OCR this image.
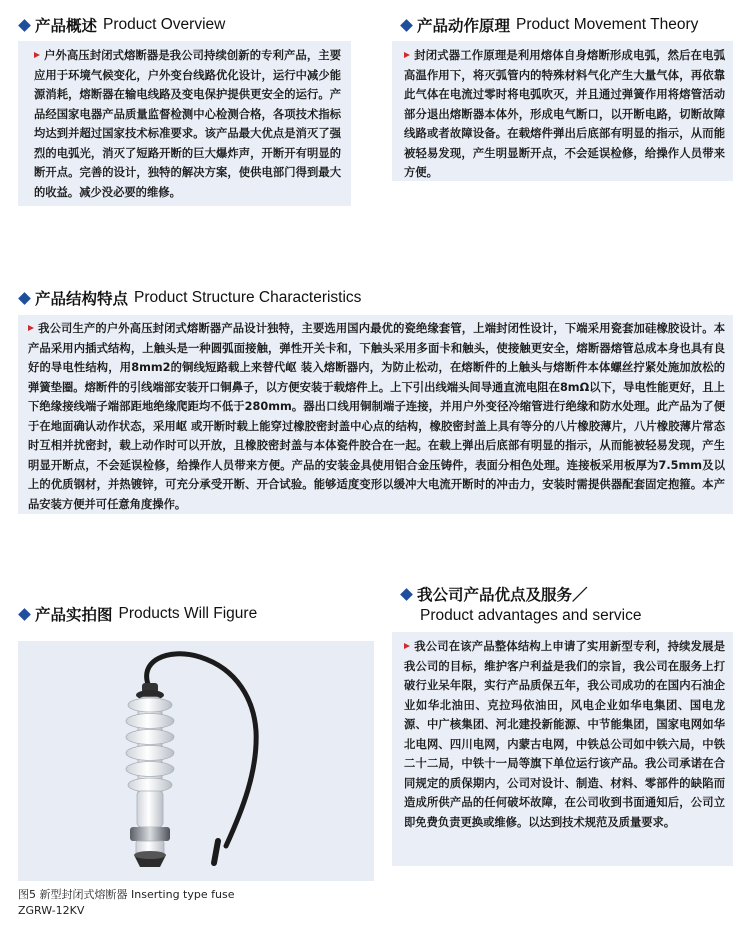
产品概述 Product Overview
户外高压封闭式熔断器是我公司持续创新的专利产品，主要应用于环境气候变化，户外变台线路优化设计，运行中减少能源消耗，熔断器在输电线路及变电保护提供更安全的运行。产品经国家电器产品质量监督检测中心检测合格，各项技术指标均达到并超过国家技术标准要求。该产品最大优点是消灭了强烈的电弧光，消灭了短路开断的巨大爆炸声，开断开有明显的断开点。完善的设计，独特的解决方案，使供电部门得到最大的收益。减少没必要的维修。
产品动作原理 Product Movement Theory
封闭式器工作原理是利用熔体自身熔断形成电弧，然后在电弧高温作用下，将灭弧管内的特殊材料气化产生大量气体，再依靠此气体在电流过零时将电弧吹灭，并且通过弹簧作用将熔管活动部分退出熔断器本体外，形成电气断口，以开断电路，切断故障线路或者故障设备。在载熔件弹出后底部有明显的指示，从而能被轻易发现，产生明显断开点，不会延误检修，给操作人员带来方便。
产品结构特点 Product Structure Characteristics
我公司生产的户外高压封闭式熔断器产品设计独特，主要选用国内最优的瓷绝缘套管，上端封闭性设计，下端采用瓷套加硅橡胶设计。本产品采用内插式结构，上触头是一种圆弧面接触，弹性开关卡和，下触头采用多面卡和触头，使接触更安全，熔断器熔管总成本身也具有良好的导电性结构，用8mm2的铜线短路载上来替代岖 装入熔断器内，为防止松动，在熔断件的上触头与熔断件本体螺丝拧紧处施加放松的弹簧垫圈。熔断件的引线端部安装开口铜鼻子，以方便安装于载熔件上。上下引出线端头间导通直流电阻在8mΩ以下，导电性能更好，且上下绝缘接线端子端部距地绝缘爬距均不低于280mm。器出口线用铜制端子连接，并用户外变径冷缩管进行绝缘和防水处理。此产品为了便于在地面确认动作状态，采用岖 或开断时载上能穿过橡胶密封盖中心点的结构，橡胶密封盖上具有等分的八片橡胶薄片，八片橡胶薄片常态时互相并扰密封，载上动作时可以开放，且橡胶密封盖与本体瓷件胶合在一起。在载上弹出后底部有明显的指示，从而能被轻易发现，产生明显开断点，不会延误检修，给操作人员带来方便。产品的安装金具使用铝合金压铸件，表面分相色处理。连接板采用板厚为7.5mm及以上的优质钢材，并热镀锌，可充分承受开断、开合试验。能够适度变形以缓冲大电流开断时的冲击力，安装时需提供器配套固定抱箍。本产品安装方便并可任意角度操作。
产品实拍图 Products Will Figure
图5 新型封闭式熔断器 Inserting type fuse
ZGRW-12KV
我公司产品优点及服务／
Product advantages and service
我公司在该产品整体结构上申请了实用新型专利，持续发展是我公司的目标，维护客户利益是我们的宗旨，我公司在服务上打破行业呆年限，实行产品质保五年，我公司成功的在国内石油企业如华北油田、克拉玛依油田，风电企业如华电集团、国电龙源、中广核集团、河北建投新能源、中节能集团，国家电网如华北电网、四川电网，内蒙古电网，中铁总公司如中铁六局，中铁二十二局，中铁十一局等旗下单位运行该产品。我公司承诺在合同规定的质保期内，公司对设计、制造、材料、零部件的缺陷而造成所供产品的任何破坏故障，在公司收到书面通知后，公司立即免费负责更换或维修。以达到技术规范及质量要求。
